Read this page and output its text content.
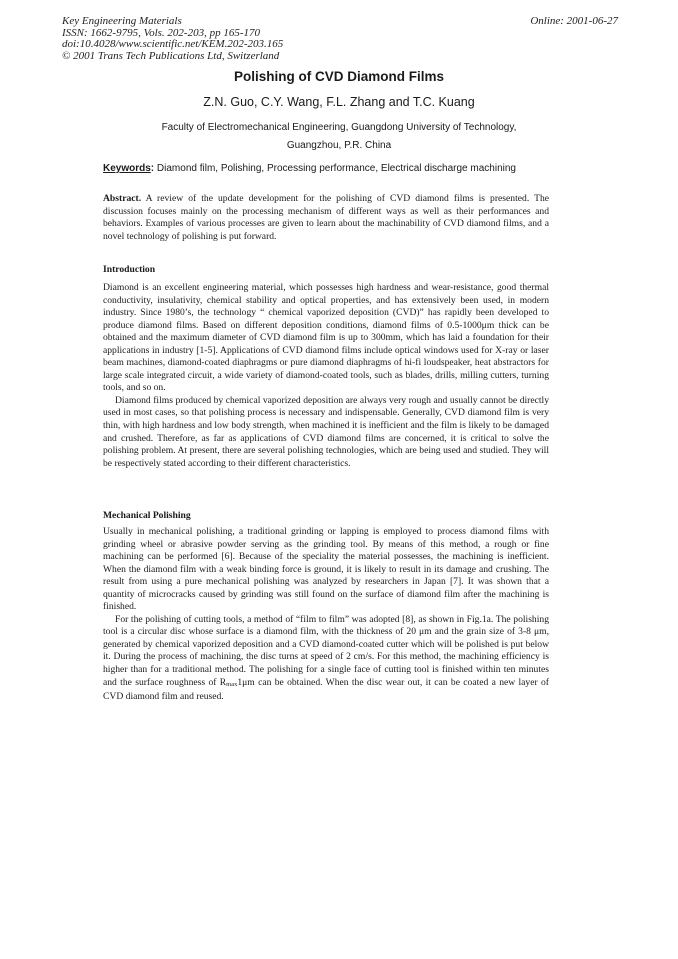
Key Engineering Materials
ISSN: 1662-9795, Vols. 202-203, pp 165-170
doi:10.4028/www.scientific.net/KEM.202-203.165
© 2001 Trans Tech Publications Ltd, Switzerland
Online: 2001-06-27
Polishing of CVD Diamond Films
Z.N. Guo, C.Y. Wang, F.L. Zhang and T.C. Kuang
Faculty of Electromechanical Engineering, Guangdong University of Technology,
Guangzhou, P.R. China
Keywords: Diamond film, Polishing, Processing performance, Electrical discharge machining

Abstract. A review of the update development for the polishing of CVD diamond films is presented. The discussion focuses mainly on the processing mechanism of different ways as well as their performances and behaviors. Examples of various processes are given to learn about the machinability of CVD diamond films, and a novel technology of polishing is put forward.

Introduction

Diamond is an excellent engineering material, which possesses high hardness and wear-resistance, good thermal conductivity, insulativity, chemical stability and optical properties, and has extensively been used, in modern industry. Since 1980’s, the technology “ chemical vaporized deposition (CVD)” has rapidly been developed to produce diamond films. Based on different deposition conditions, diamond films of 0.5-1000μm thick can be obtained and the maximum diameter of CVD diamond film is up to 300mm, which has laid a foundation for their applications in industry [1-5]. Applications of CVD diamond films include optical windows used for X-ray or laser beam machines, diamond-coated diaphragms or pure diamond diaphragms of hi-fi loudspeaker, heat abstractors for large scale integrated circuit, a wide variety of diamond-coated tools, such as blades, drills, milling cutters, turning tools, and so on.

Diamond films produced by chemical vaporized deposition are always very rough and usually cannot be directly used in most cases, so that polishing process is necessary and indispensable. Generally, CVD diamond film is very thin, with high hardness and low body strength, when machined it is inefficient and the film is likely to be damaged and crushed. Therefore, as far as applications of CVD diamond films are concerned, it is critical to solve the polishing problem. At present, there are several polishing technologies, which are being used and studied. They will be respectively stated according to their different characteristics.

Mechanical Polishing

Usually in mechanical polishing, a traditional grinding or lapping is employed to process diamond films with grinding wheel or abrasive powder serving as the grinding tool. By means of this method, a rough or fine machining can be performed [6]. Because of the speciality the material possesses, the machining is inefficient. When the diamond film with a weak binding force is ground, it is likely to result in its damage and crushing. The result from using a pure mechanical polishing was analyzed by researchers in Japan [7]. It was shown that a quantity of microcracks caused by grinding was still found on the surface of diamond film after the machining is finished.

For the polishing of cutting tools, a method of “film to film” was adopted [8], as shown in Fig.1a. The polishing tool is a circular disc whose surface is a diamond film, with the thickness of 20 μm and the grain size of 3-8 μm, generated by chemical vaporized deposition and a CVD diamond-coated cutter which will be polished is put below it. During the process of machining, the disc turns at speed of 2 cm/s. For this method, the machining efficiency is higher than for a traditional method. The polishing for a single face of cutting tool is finished within ten minutes and the surface roughness of $R_{max}1\mu m$ can be obtained. When the disc wear out, it can be coated a new layer of CVD diamond film and reused.
